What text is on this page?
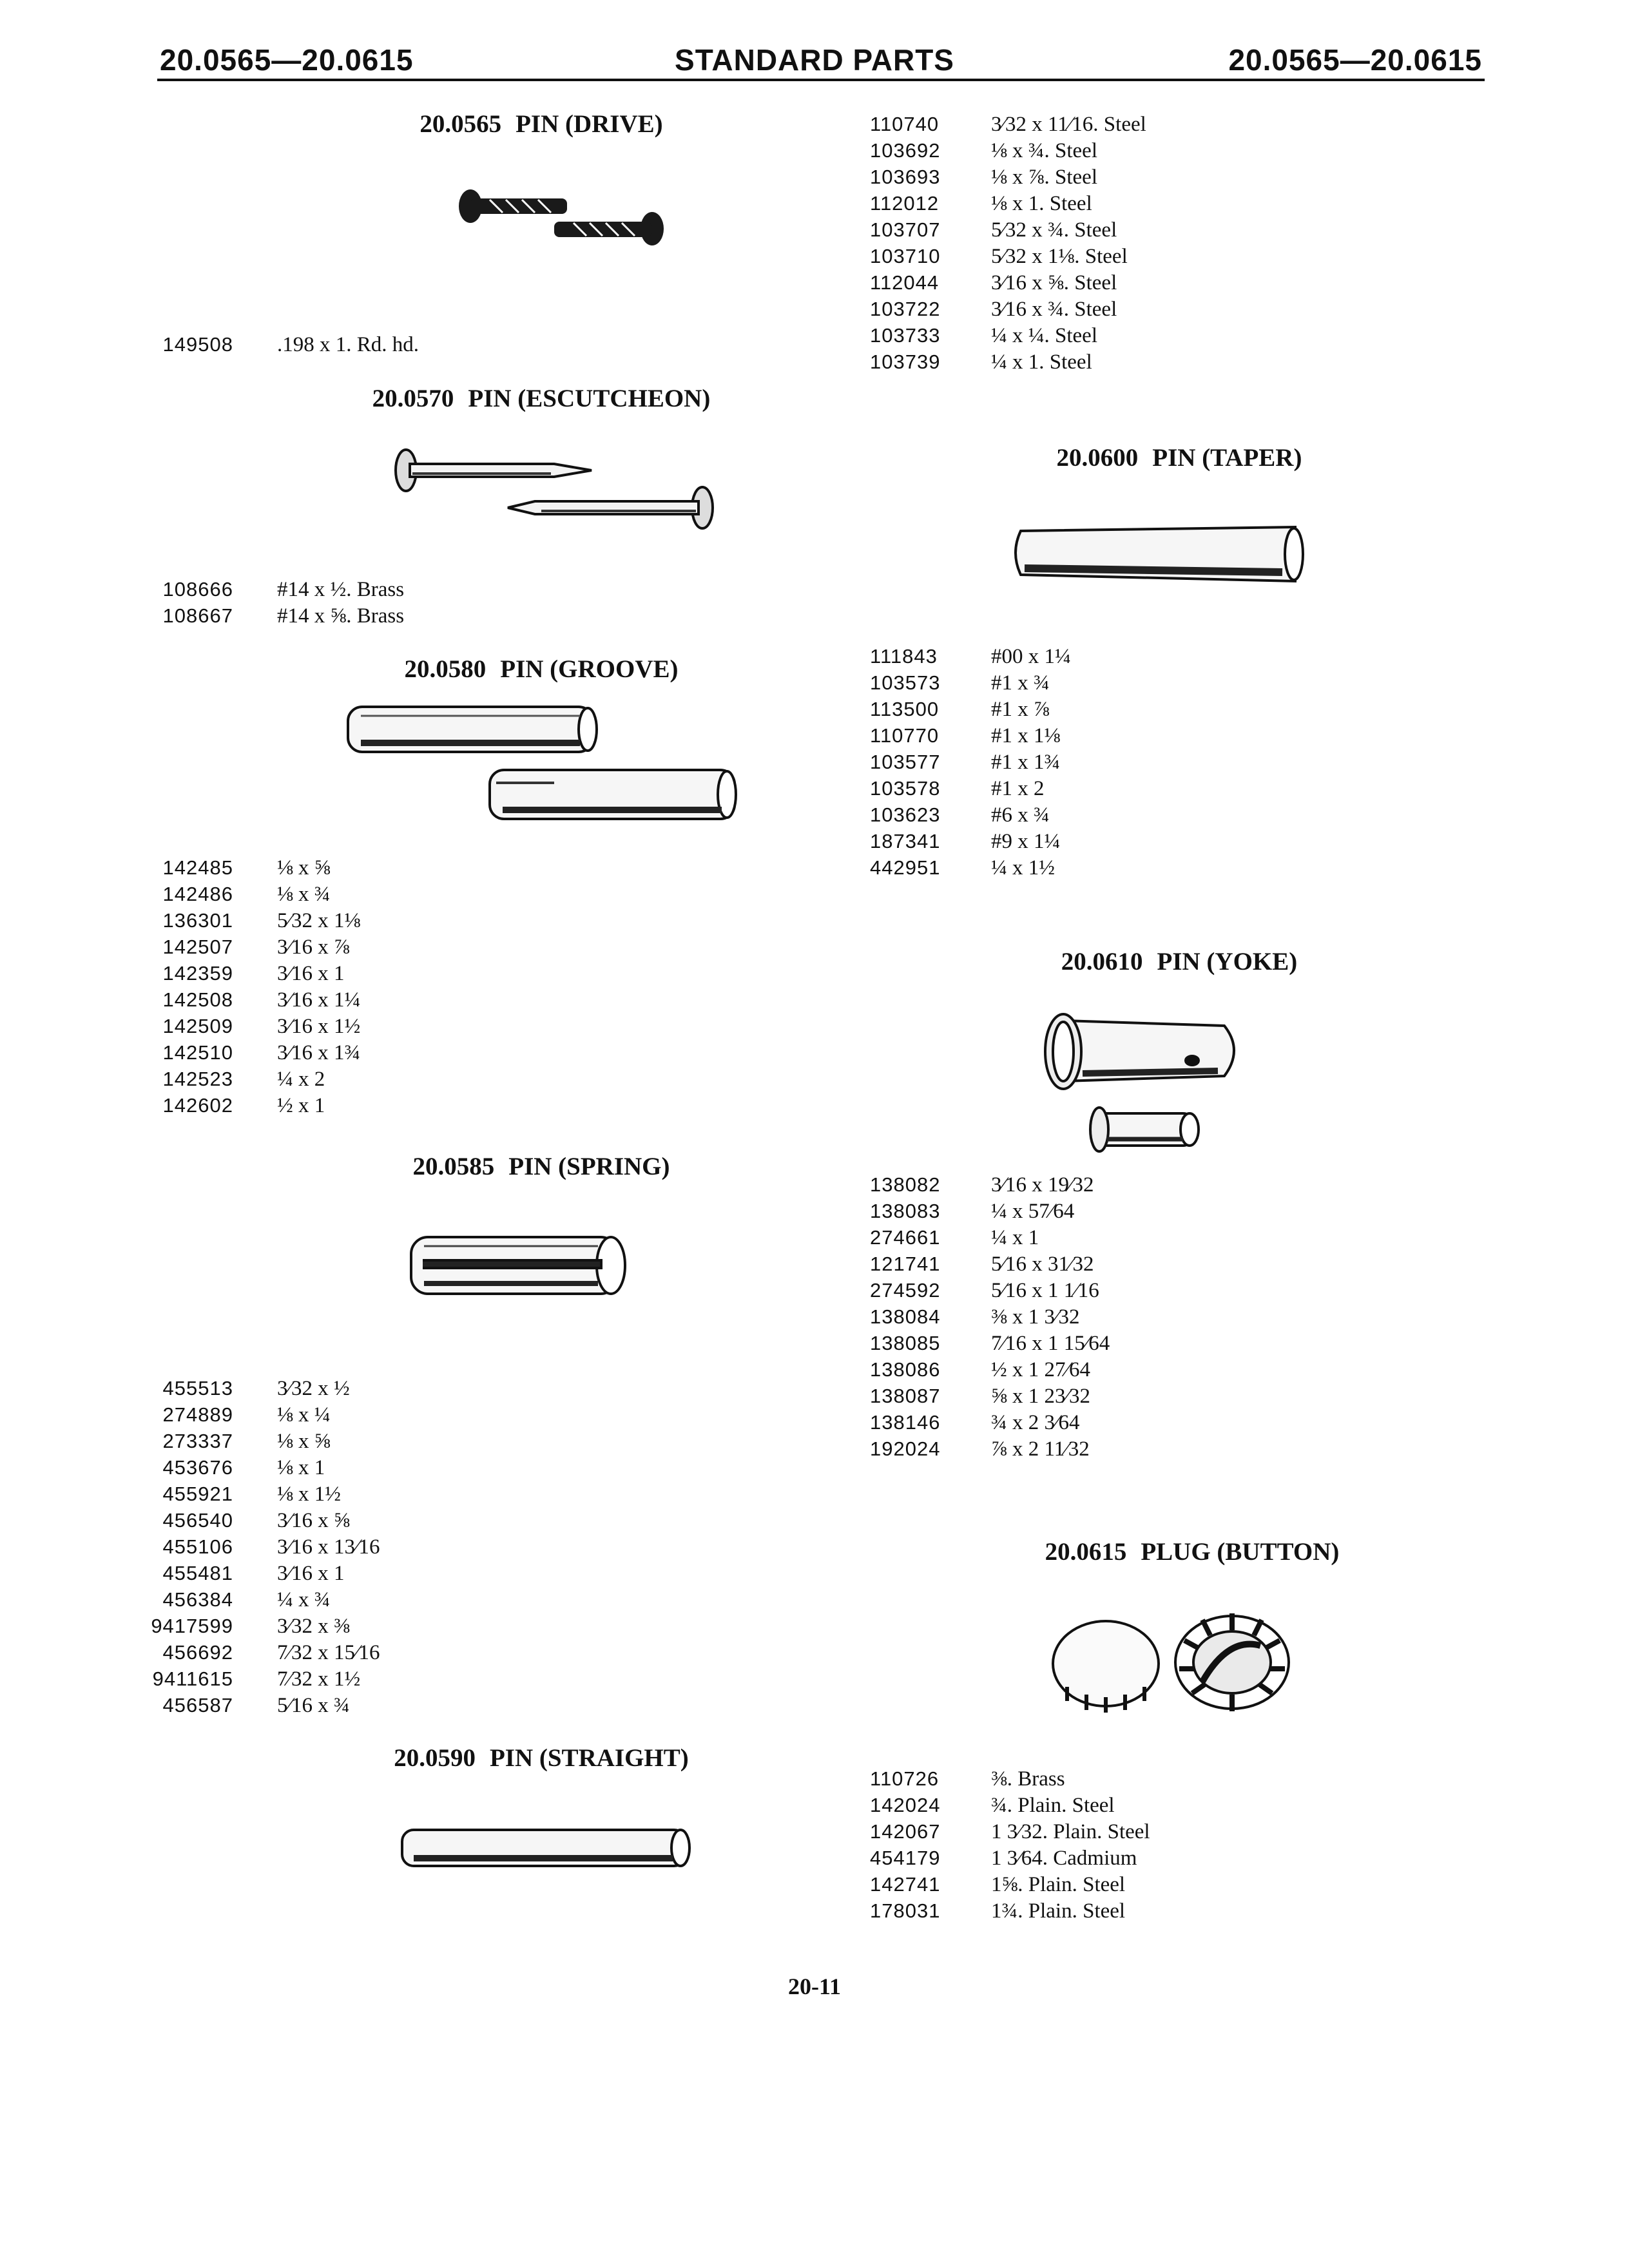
20.0565—20.0615	STANDARD PARTS	20.0565—20.0615
20.0565 PIN (DRIVE)
149508 .198 x 1. Rd. hd.
20.0570 PIN (ESCUTCHEON)
108666 #14 x ½. Brass
108667 #14 x ⅝. Brass
20.0580 PIN (GROOVE)
142485 ⅛ x ⅝
142486 ⅛ x ¾
136301 5⁄32 x 1⅛
142507 3⁄16 x ⅞
142359 3⁄16 x 1
142508 3⁄16 x 1¼
142509 3⁄16 x 1½
142510 3⁄16 x 1¾
142523 ¼ x 2
142602 ½ x 1
20.0585 PIN (SPRING)
455513 3⁄32 x ½
274889 ⅛ x ¼
273337 ⅛ x ⅝
453676 ⅛ x 1
455921 ⅛ x 1½
456540 3⁄16 x ⅝
455106 3⁄16 x 13⁄16
455481 3⁄16 x 1
456384 ¼ x ¾
9417599 3⁄32 x ⅜
456692 7⁄32 x 15⁄16
9411615 7⁄32 x 1½
456587 5⁄16 x ¾
20.0590 PIN (STRAIGHT)
110740 3⁄32 x 11⁄16. Steel
103692 ⅛ x ¾. Steel
103693 ⅛ x ⅞. Steel
112012 ⅛ x 1. Steel
103707 5⁄32 x ¾. Steel
103710 5⁄32 x 1⅛. Steel
112044 3⁄16 x ⅝. Steel
103722 3⁄16 x ¾. Steel
103733 ¼ x ¼. Steel
103739 ¼ x 1. Steel
20.0600 PIN (TAPER)
111843	#00 x 1¼
103573 #1 x ¾
113500 #1 x ⅞
110770 #1 x 1⅛
103577 #1 x 1¾
103578 #1 x 2
103623 #6 x ¾
187341 #9 x 1¼
442951 ¼ x 1½
20.0610 PIN (YOKE)
138082 3⁄16 x 19⁄32
138083 ¼ x 57⁄64
274661 ¼ x 1
121741 5⁄16 x 31⁄32
274592 5⁄16 x 1 1⁄16
138084 ⅜ x 1 3⁄32
138085 7⁄16 x 1 15⁄64
138086 ½ x 1 27⁄64
138087 ⅝ x 1 23⁄32
138146 ¾ x 2 3⁄64
192024 ⅞ x 2 11⁄32
20.0615 PLUG (BUTTON)
110726 ⅜. Brass
142024 ¾. Plain. Steel
142067 1 3⁄32. Plain. Steel
454179 1 3⁄64. Cadmium
142741 1⅝. Plain. Steel
178031 1¾. Plain. Steel
20-11
